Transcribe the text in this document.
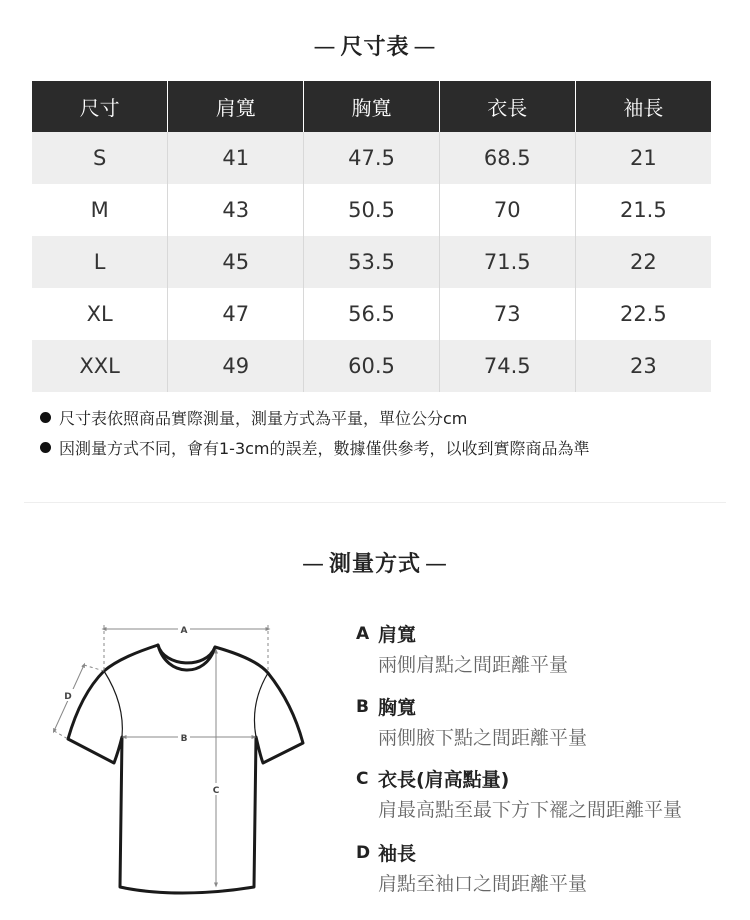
— 尺寸表 —
尺寸	肩寬	胸寬	衣長	袖長
S	41	47.5	68.5	21
M	43	50.5	70	21.5
L	45	53.5	71.5	22
XL	47	56.5	73	22.5
XXL	49	60.5	74.5	23
尺寸表依照商品實際測量，測量方式為平量，單位公分cm
因測量方式不同，會有1-3cm的誤差，數據僅供參考，以收到實際商品為準
— 測量方式 —
A
B
C
D
A 肩寬
兩側肩點之間距離平量
B 胸寬
兩側腋下點之間距離平量
C 衣長(肩高點量)
肩最高點至最下方下襬之間距離平量
D 袖長
肩點至袖口之間距離平量
